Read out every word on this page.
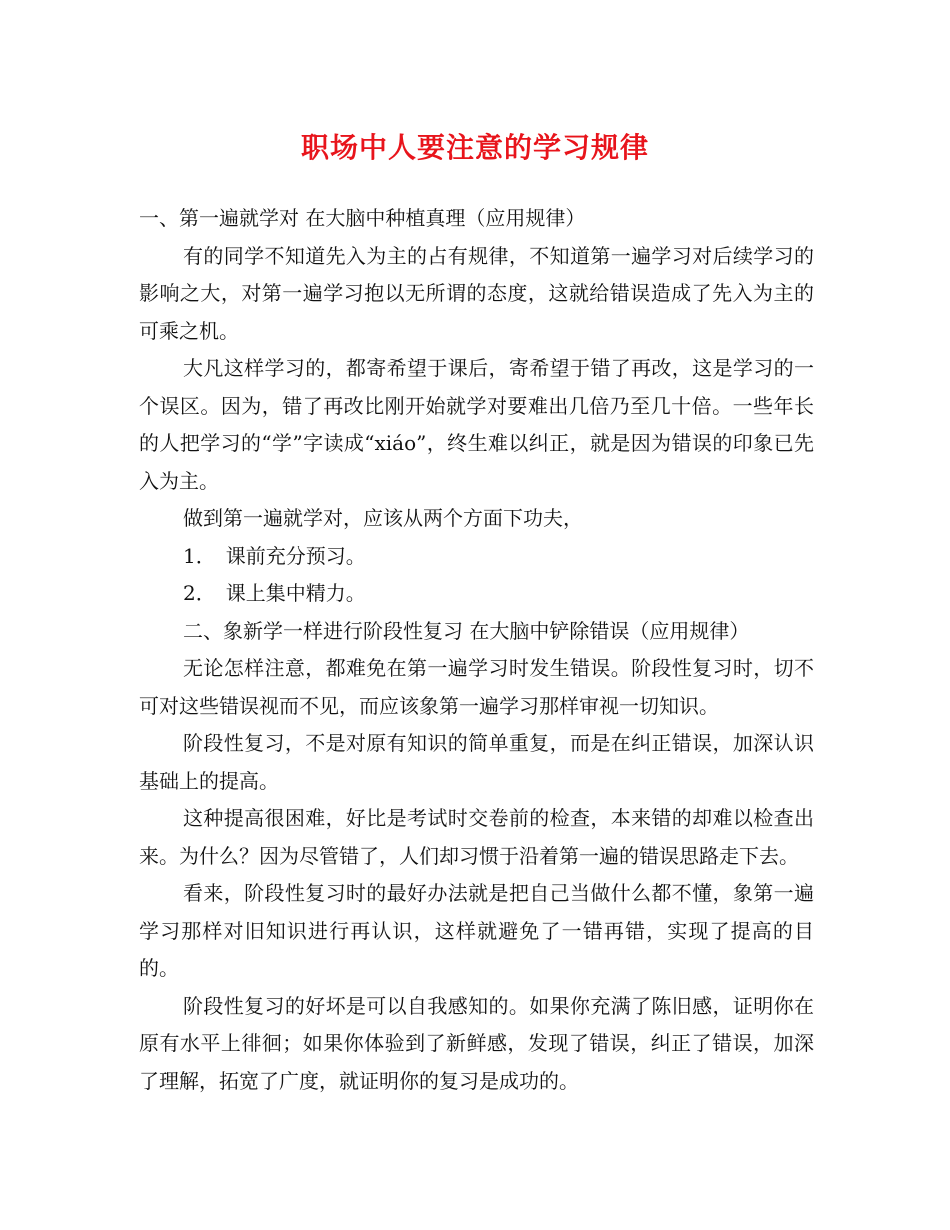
职场中人要注意的学习规律

一、第一遍就学对 在大脑中种植真理（应用规律）

有的同学不知道先入为主的占有规律，不知道第一遍学习对后续学习的影响之大，对第一遍学习抱以无所谓的态度，这就给错误造成了先入为主的可乘之机。

大凡这样学习的，都寄希望于课后，寄希望于错了再改，这是学习的一个误区。因为，错了再改比刚开始就学对要难出几倍乃至几十倍。一些年长的人把学习的“学”字读成“xiáo”，终生难以纠正，就是因为错误的印象已先入为主。

做到第一遍就学对，应该从两个方面下功夫，

1．　课前充分预习。

2．　课上集中精力。

二、象新学一样进行阶段性复习 在大脑中铲除错误（应用规律）

无论怎样注意，都难免在第一遍学习时发生错误。阶段性复习时，切不可对这些错误视而不见，而应该象第一遍学习那样审视一切知识。

阶段性复习，不是对原有知识的简单重复，而是在纠正错误，加深认识基础上的提高。

这种提高很困难，好比是考试时交卷前的检查，本来错的却难以检查出来。为什么？因为尽管错了，人们却习惯于沿着第一遍的错误思路走下去。

看来，阶段性复习时的最好办法就是把自己当做什么都不懂，象第一遍学习那样对旧知识进行再认识，这样就避免了一错再错，实现了提高的目的。

阶段性复习的好坏是可以自我感知的。如果你充满了陈旧感，证明你在原有水平上徘徊；如果你体验到了新鲜感，发现了错误，纠正了错误，加深了理解，拓宽了广度，就证明你的复习是成功的。
